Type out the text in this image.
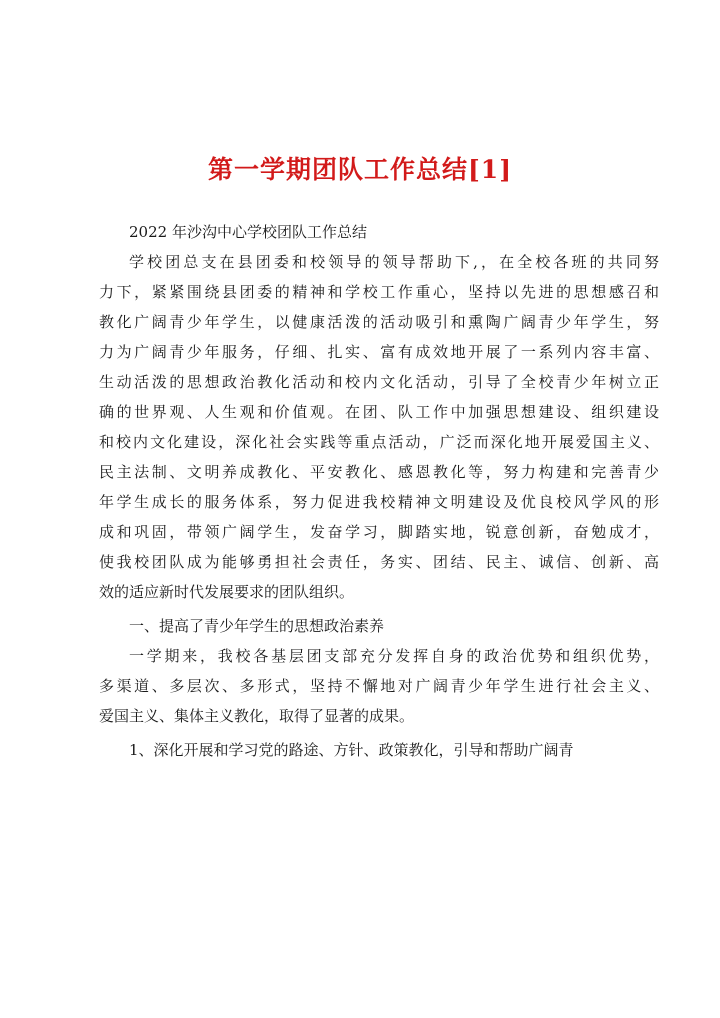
第一学期团队工作总结[1]

2022 年沙沟中心学校团队工作总结

学校团总支在县团委和校领导的领导帮助下,，在全校各班的共同努
力下，紧紧围绕县团委的精神和学校工作重心，坚持以先进的思想感召和
教化广阔青少年学生，以健康活泼的活动吸引和熏陶广阔青少年学生，努
力为广阔青少年服务，仔细、扎实、富有成效地开展了一系列内容丰富、
生动活泼的思想政治教化活动和校内文化活动，引导了全校青少年树立正
确的世界观、人生观和价值观。在团、队工作中加强思想建设、组织建设
和校内文化建设，深化社会实践等重点活动，广泛而深化地开展爱国主义、
民主法制、文明养成教化、平安教化、感恩教化等，努力构建和完善青少
年学生成长的服务体系，努力促进我校精神文明建设及优良校风学风的形
成和巩固，带领广阔学生，发奋学习，脚踏实地，锐意创新，奋勉成才，
使我校团队成为能够勇担社会责任，务实、团结、民主、诚信、创新、高
效的适应新时代发展要求的团队组织。
一、提高了青少年学生的思想政治素养
一学期来，我校各基层团支部充分发挥自身的政治优势和组织优势，
多渠道、多层次、多形式，坚持不懈地对广阔青少年学生进行社会主义、
爱国主义、集体主义教化，取得了显著的成果。
1、深化开展和学习党的路途、方针、政策教化，引导和帮助广阔青
